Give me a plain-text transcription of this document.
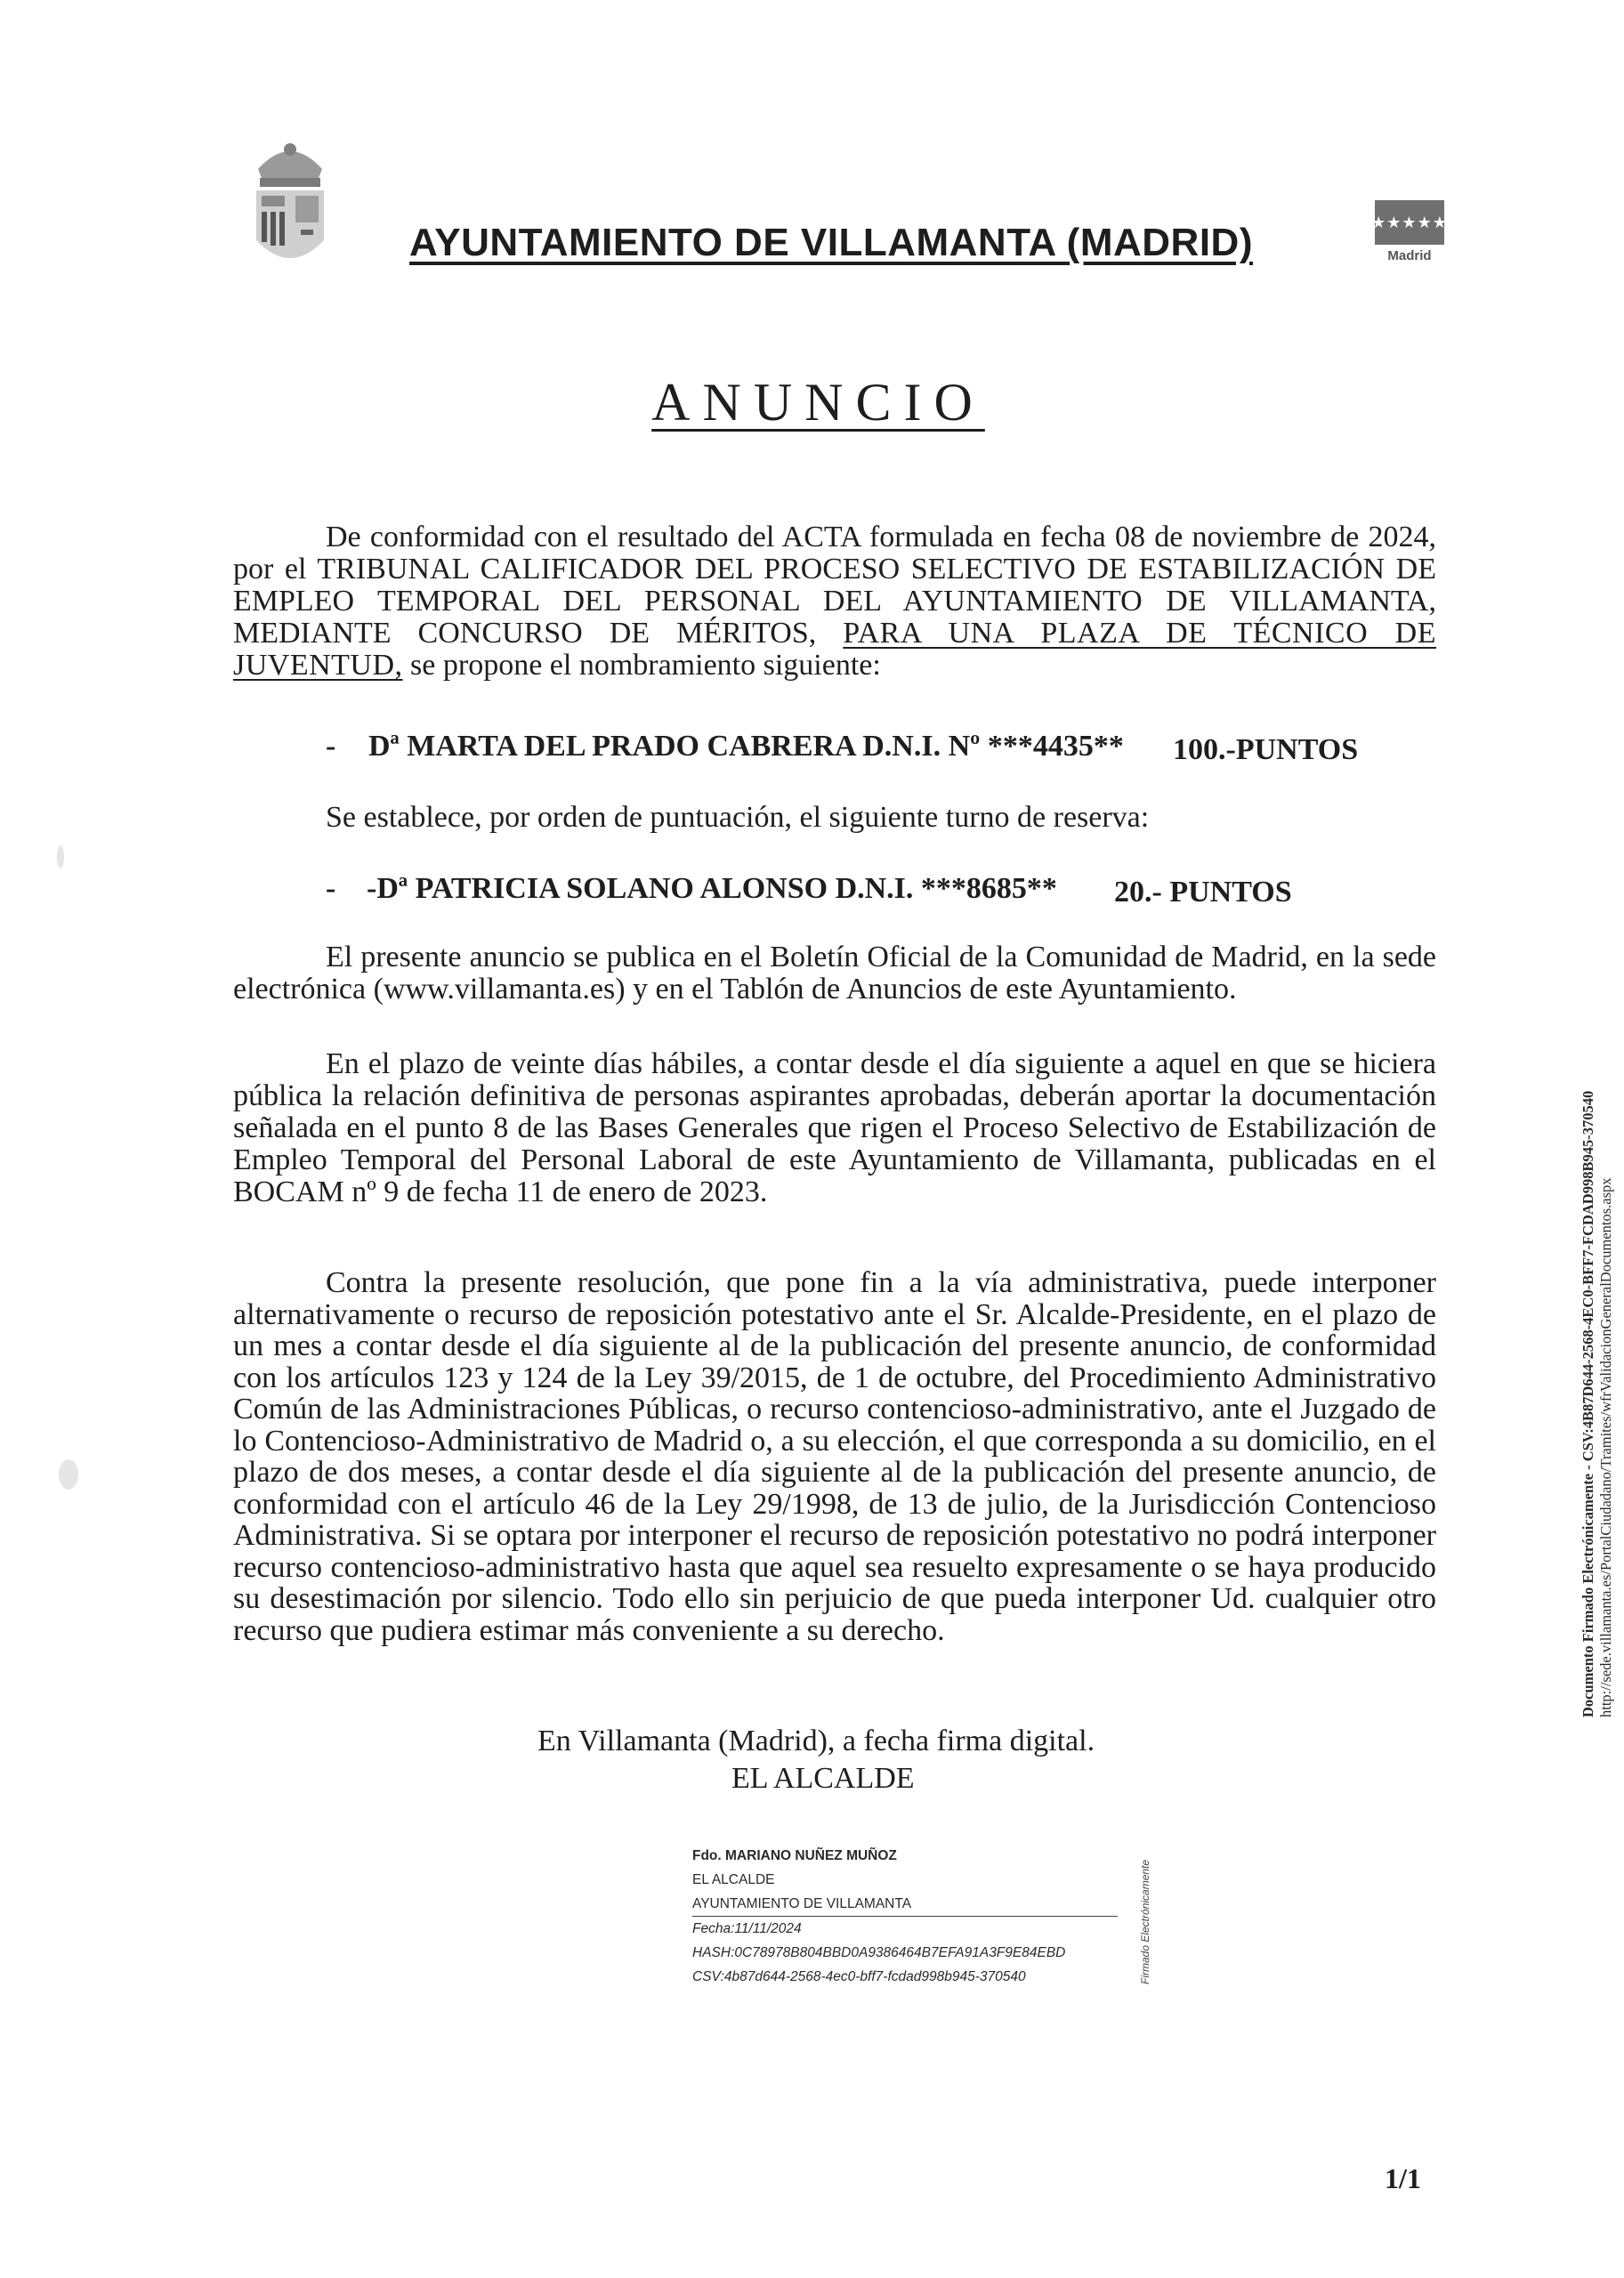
AYUNTAMIENTO DE VILLAMANTA (MADRID)	★★★★★★★
Madrid
ANUNCIO
De conformidad con el resultado del ACTA formulada en fecha 08 de noviembre de 2024, por el TRIBUNAL CALIFICADOR DEL PROCESO SELECTIVO DE ESTABILIZACIÓN DE EMPLEO TEMPORAL DEL PERSONAL DEL AYUNTAMIENTO DE VILLAMANTA, MEDIANTE CONCURSO DE MÉRITOS, PARA UNA PLAZA DE TÉCNICO DE JUVENTUD, se propone el nombramiento siguiente:
- Dª MARTA DEL PRADO CABRERA D.N.I. Nº ***4435** 100.-PUNTOS
Se establece, por orden de puntuación, el siguiente turno de reserva:
- -Dª PATRICIA SOLANO ALONSO D.N.I. ***8685** 20.- PUNTOS
El presente anuncio se publica en el Boletín Oficial de la Comunidad de Madrid, en la sede electrónica (www.villamanta.es) y en el Tablón de Anuncios de este Ayuntamiento.
En el plazo de veinte días hábiles, a contar desde el día siguiente a aquel en que se hiciera pública la relación definitiva de personas aspirantes aprobadas, deberán aportar la documentación señalada en el punto 8 de las Bases Generales que rigen el Proceso Selectivo de Estabilización de Empleo Temporal del Personal Laboral de este Ayuntamiento de Villamanta, publicadas en el BOCAM nº 9 de fecha 11 de enero de 2023.
Contra la presente resolución, que pone fin a la vía administrativa, puede interponer alternativamente o recurso de reposición potestativo ante el Sr. Alcalde-Presidente, en el plazo de un mes a contar desde el día siguiente al de la publicación del presente anuncio, de conformidad con los artículos 123 y 124 de la Ley 39/2015, de 1 de octubre, del Procedimiento Administrativo Común de las Administraciones Públicas, o recurso contencioso-administrativo, ante el Juzgado de lo Contencioso-Administrativo de Madrid o, a su elección, el que corresponda a su domicilio, en el plazo de dos meses, a contar desde el día siguiente al de la publicación del presente anuncio, de conformidad con el artículo 46 de la Ley 29/1998, de 13 de julio, de la Jurisdicción Contencioso Administrativa. Si se optara por interponer el recurso de reposición potestativo no podrá interponer recurso contencioso-administrativo hasta que aquel sea resuelto expresamente o se haya producido su desestimación por silencio. Todo ello sin perjuicio de que pueda interponer Ud. cualquier otro recurso que pudiera estimar más conveniente a su derecho.
En Villamanta (Madrid), a fecha firma digital.
EL ALCALDE
Fdo. MARIANO NUÑEZ MUÑOZ
EL ALCALDE
AYUNTAMIENTO DE VILLAMANTA
Fecha:11/11/2024
HASH:0C78978B804BBD0A9386464B7EFA91A3F9E84EBD
CSV:4b87d644-2568-4ec0-bff7-fcdad998b945-370540	Firmado Electrónicamente
Documento Firmado Electrónicamente - CSV:4B87D644-2568-4EC0-BFF7-FCDAD998B945-370540 http://sede.villamanta.es/PortalCiudadano/Tramites/wfrValidacionGeneralDocumentos.aspx
1/1
